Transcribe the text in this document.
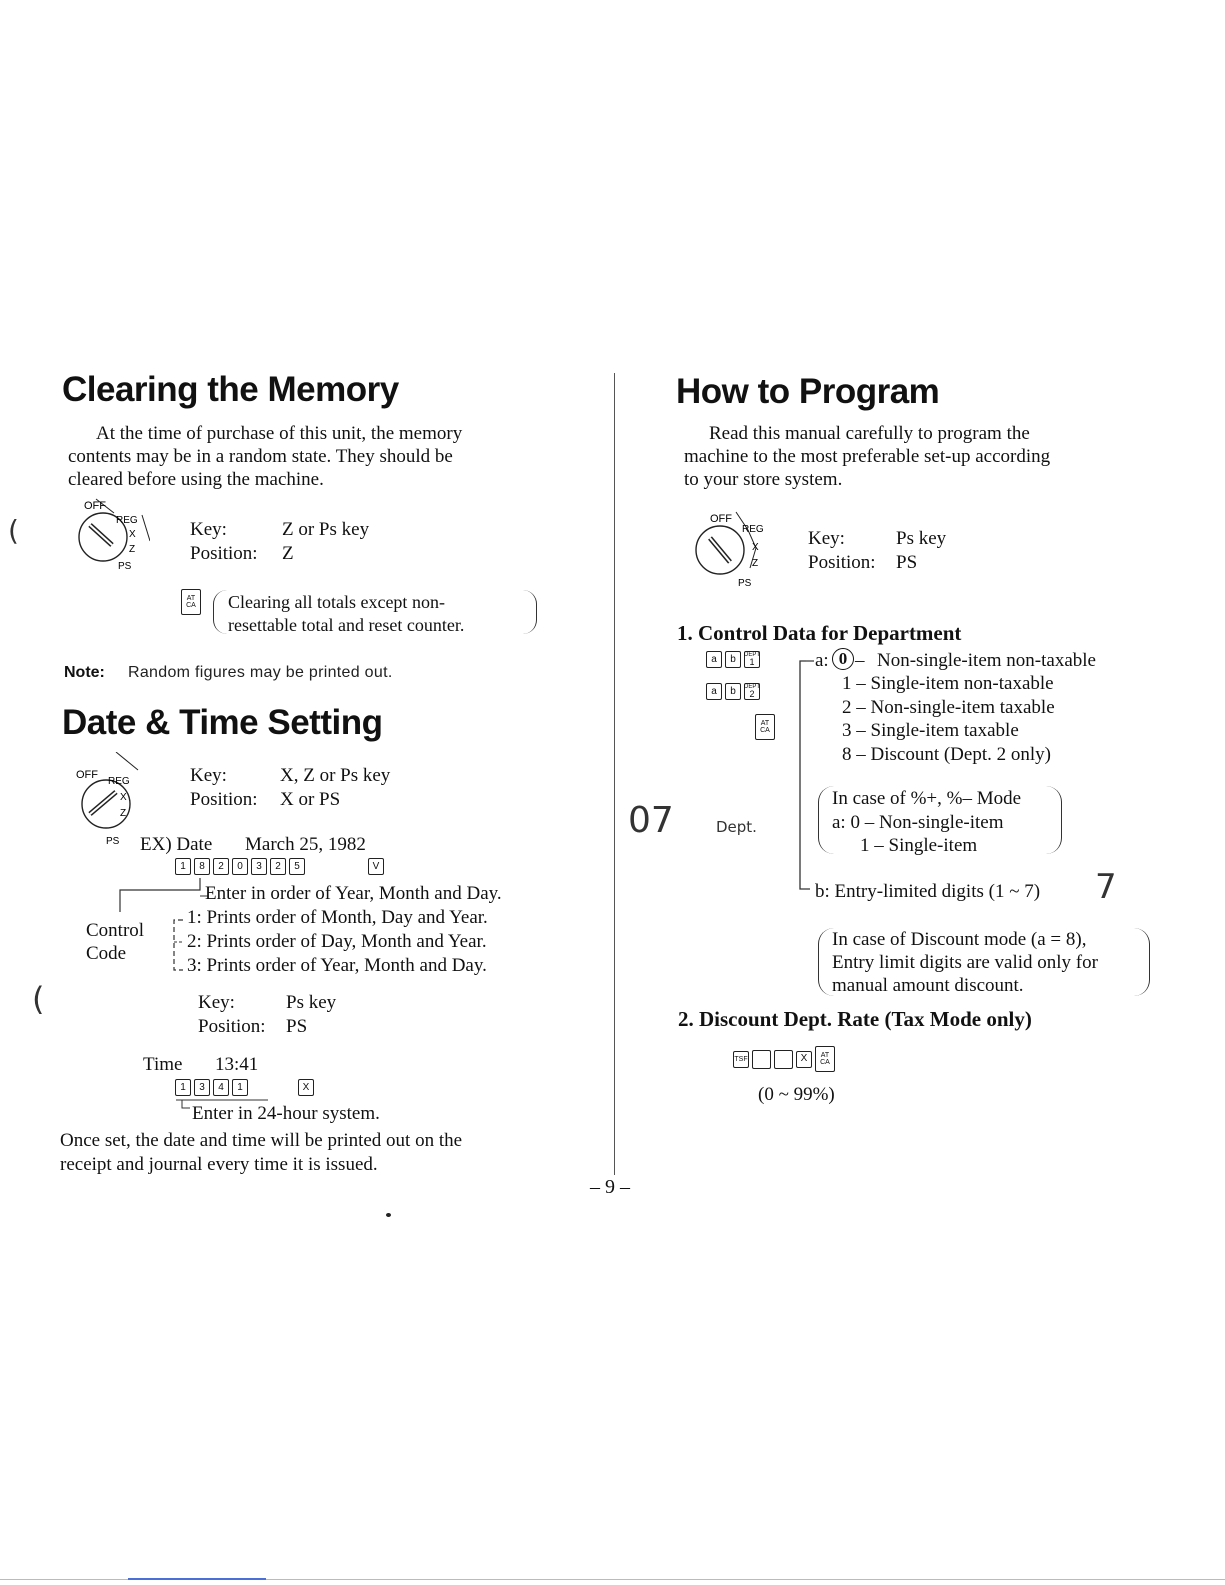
Clearing the Memory
At the time of purchase of this unit, the memory
contents may be in a random state. They should be
cleared before using the machine.
OFF
REG
X
Z
PS
(	Key:	Z or Ps key
Position: Z
AT
CA Clearing all totals except non-
resettable total and reset counter.
Note: Random figures may be printed out.
Date & Time Setting
OFF
REG
X
Z
PS
Key:	X, Z or Ps key
Position: X or PS
EX) Date March 25, 1982
1	8	2	0	3	2	5	V
Enter in order of Year, Month and Day.
Control
Code
1: Prints order of Month, Day and Year.
2: Prints order of Day, Month and Year.
3: Prints order of Year, Month and Day.
(	Key:	Ps key
Position: PS
Time 13:41
1	3	4	1	X
Enter in 24-hour system.
Once set, the date and time will be printed out on the
receipt and journal every time it is issued.
How to Program
Read this manual carefully to program the
machine to the most preferable set-up according
to your store system.
OFF
REG
X
Z
PS
Key:	Ps key
Position: PS
1. Control Data for Department
a	b	DEPT
1
a	b	DEPT
2
AT
CA
a: 0 – Non-single-item non-taxable
1 – Single-item non-taxable
2 – Non-single-item taxable
3 – Single-item taxable
8 – Discount (Dept. 2 only)
In case of %+, %– Mode
a: 0 – Non-single-item
1 – Single-item
07	Dept.
b: Entry-limited digits (1 ~ 7) 7
In case of Discount mode (a = 8),
Entry limit digits are valid only for
manual amount discount.
2. Discount Dept. Rate (Tax Mode only)
TSF	X	AT
CA
(0 ~ 99%)
– 9 –
